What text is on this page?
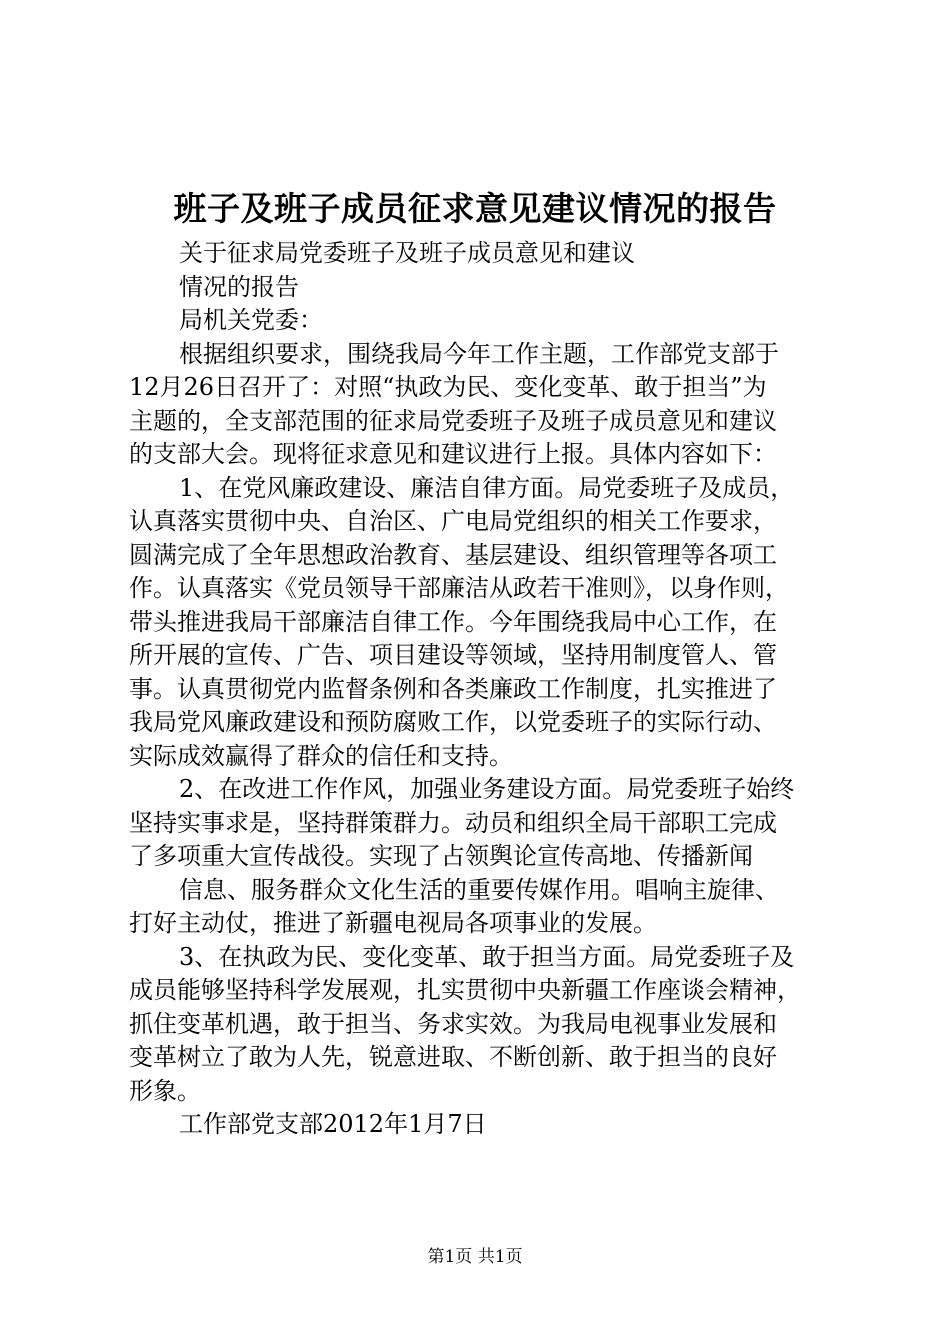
班子及班子成员征求意见建议情况的报告
关于征求局党委班子及班子成员意见和建议
情况的报告
局机关党委：
根据组织要求，围绕我局今年工作主题，工作部党支部于
12月26日召开了：对照“执政为民、变化变革、敢于担当”为
主题的，全支部范围的征求局党委班子及班子成员意见和建议
的支部大会。现将征求意见和建议进行上报。具体内容如下：
1、在党风廉政建设、廉洁自律方面。局党委班子及成员，
认真落实贯彻中央、自治区、广电局党组织的相关工作要求，
圆满完成了全年思想政治教育、基层建设、组织管理等各项工
作。认真落实《党员领导干部廉洁从政若干准则》，以身作则，
带头推进我局干部廉洁自律工作。今年围绕我局中心工作，在
所开展的宣传、广告、项目建设等领域，坚持用制度管人、管
事。认真贯彻党内监督条例和各类廉政工作制度，扎实推进了
我局党风廉政建设和预防腐败工作，以党委班子的实际行动、
实际成效赢得了群众的信任和支持。
2、在改进工作作风，加强业务建设方面。局党委班子始终
坚持实事求是，坚持群策群力。动员和组织全局干部职工完成
了多项重大宣传战役。实现了占领舆论宣传高地、传播新闻
信息、服务群众文化生活的重要传媒作用。唱响主旋律、
打好主动仗，推进了新疆电视局各项事业的发展。
3、在执政为民、变化变革、敢于担当方面。局党委班子及
成员能够坚持科学发展观，扎实贯彻中央新疆工作座谈会精神，
抓住变革机遇，敢于担当、务求实效。为我局电视事业发展和
变革树立了敢为人先，锐意进取、不断创新、敢于担当的良好
形象。
工作部党支部2012年1月7日
第1页 共1页
